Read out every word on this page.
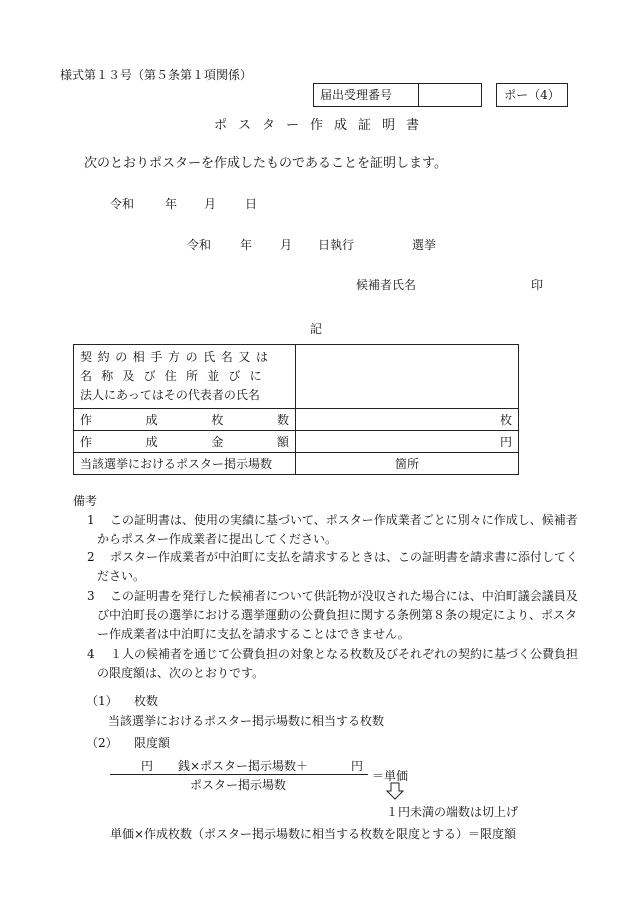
様式第１３号（第５条第１項関係）
届出受理番号	ポー（4）
ポスター作成証明書
次のとおりポスターを作成したものであることを証明します。
令和	年 月 日
令和 年 月 日執行	選挙
候補者氏名	印
記
契約の相手方の氏名又は
名称及び住所並びに
法人にあってはその代表者の氏名	

作 成 枚 数	枚

作 成 金 額	円
当該選挙におけるポスター掲示場数	箇所
備考
1 この証明書は、使用の実績に基づいて、ポスター作成業者ごとに別々に作成し、候補者
からポスター作成業者に提出してください。
2 ポスター作成業者が中泊町に支払を請求するときは、この証明書を請求書に添付してく
ださい。
3 この証明書を発行した候補者について供託物が没収された場合には、中泊町議会議員及
び中泊町長の選挙における選挙運動の公費負担に関する条例第８条の規定により、ポスタ
ー作成業者は中泊町に支払を請求することはできません。
4 １人の候補者を通じて公費負担の対象となる枚数及びそれぞれの契約に基づく公費負担
の限度額は、次のとおりです。
（1） 枚数
当該選挙におけるポスター掲示場数に相当する枚数
（2） 限度額
円 銭×ポスター掲示場数＋	円
ポスター掲示場数
＝単価
１円未満の端数は切上げ
単価×作成枚数（ポスター掲示場数に相当する枚数を限度とする）＝限度額
